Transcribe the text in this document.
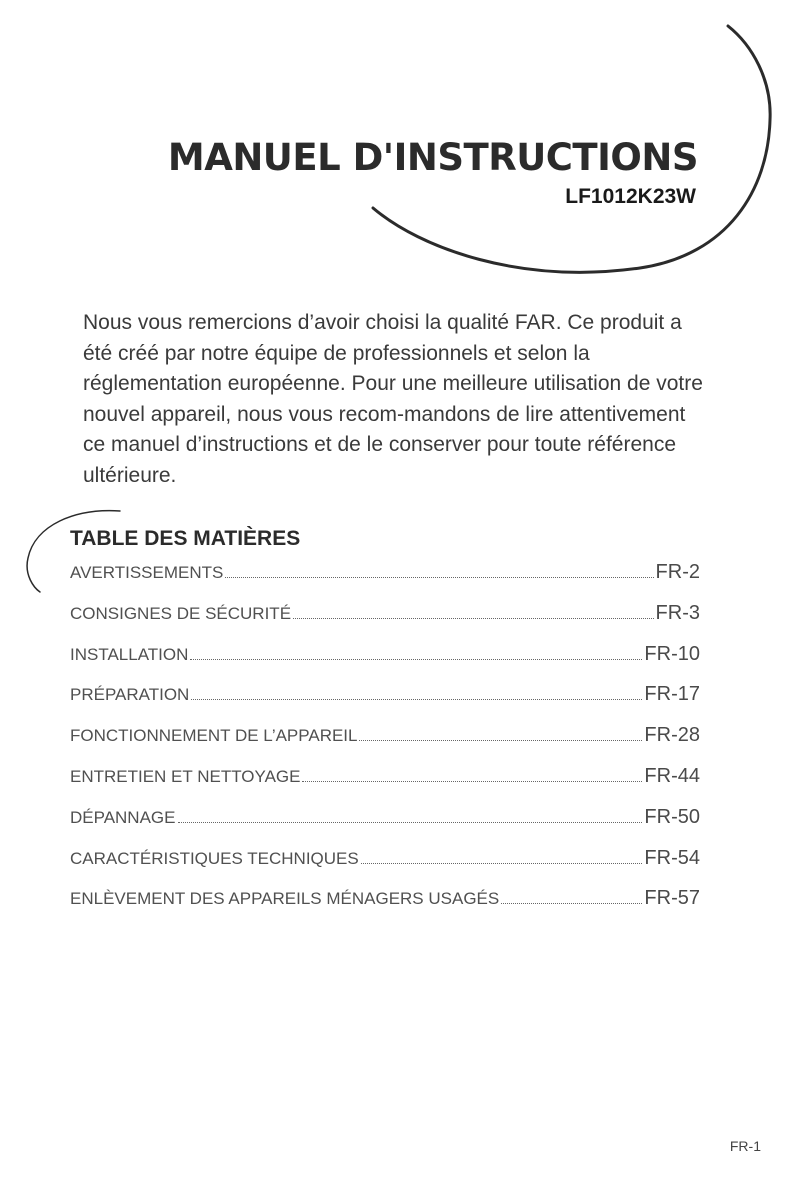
MANUEL D'INSTRUCTIONS
LF1012K23W

Nous vous remercions d’avoir choisi la qualité FAR. Ce produit a été créé par notre équipe de professionnels et selon la réglementation européenne. Pour une meilleure utilisation de votre nouvel appareil, nous vous recom-mandons de lire attentivement ce manuel d’instructions et de le conserver pour toute référence ultérieure.

TABLE DES MATIÈRES
AVERTISSEMENTS	FR-2
CONSIGNES DE SÉCURITÉ	FR-3
INSTALLATION	FR-10
PRÉPARATION	FR-17
FONCTIONNEMENT DE L’APPAREIL	FR-28
ENTRETIEN ET NETTOYAGE	FR-44
DÉPANNAGE	FR-50
CARACTÉRISTIQUES TECHNIQUES	FR-54
ENLÈVEMENT DES APPAREILS MÉNAGERS USAGÉS	FR-57
FR-1
